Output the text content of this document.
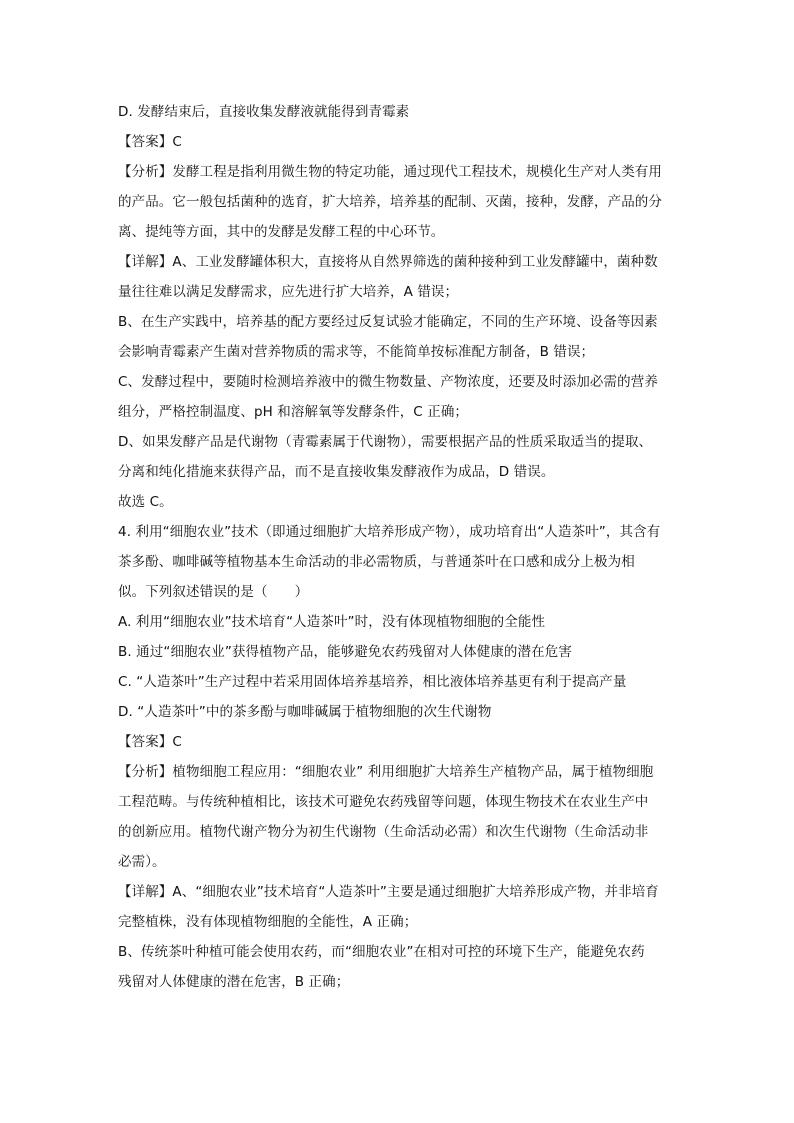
D. 发酵结束后，直接收集发酵液就能得到青霉素
【答案】C
【分析】发酵工程是指利用微生物的特定功能，通过现代工程技术，规模化生产对人类有用
的产品。它一般包括菌种的选育，扩大培养，培养基的配制、灭菌，接种，发酵，产品的分
离、提纯等方面，其中的发酵是发酵工程的中心环节。
【详解】A、工业发酵罐体积大，直接将从自然界筛选的菌种接种到工业发酵罐中，菌种数
量往往难以满足发酵需求，应先进行扩大培养，A 错误；
B、在生产实践中，培养基的配方要经过反复试验才能确定，不同的生产环境、设备等因素
会影响青霉素产生菌对营养物质的需求等，不能简单按标准配方制备，B 错误；
C、发酵过程中，要随时检测培养液中的微生物数量、产物浓度，还要及时添加必需的营养
组分，严格控制温度、pH 和溶解氧等发酵条件，C 正确；
D、如果发酵产品是代谢物（青霉素属于代谢物），需要根据产品的性质采取适当的提取、
分离和纯化措施来获得产品，而不是直接收集发酵液作为成品，D 错误。
故选 C。
4. 利用“细胞农业”技术（即通过细胞扩大培养形成产物），成功培育出“人造茶叶”，其含有
茶多酚、咖啡碱等植物基本生命活动的非必需物质，与普通茶叶在口感和成分上极为相
似。下列叙述错误的是（　　）
A. 利用“细胞农业”技术培育“人造茶叶”时，没有体现植物细胞的全能性
B. 通过“细胞农业”获得植物产品，能够避免农药残留对人体健康的潜在危害
C. “人造茶叶”生产过程中若采用固体培养基培养，相比液体培养基更有利于提高产量
D. “人造茶叶”中的茶多酚与咖啡碱属于植物细胞的次生代谢物
【答案】C
【分析】植物细胞工程应用：“细胞农业” 利用细胞扩大培养生产植物产品，属于植物细胞
工程范畴。与传统种植相比，该技术可避免农药残留等问题，体现生物技术在农业生产中
的创新应用。植物代谢产物分为初生代谢物（生命活动必需）和次生代谢物（生命活动非
必需）。
【详解】A、“细胞农业”技术培育“人造茶叶”主要是通过细胞扩大培养形成产物，并非培育
完整植株，没有体现植物细胞的全能性，A 正确；
B、传统茶叶种植可能会使用农药，而“细胞农业”在相对可控的环境下生产，能避免农药
残留对人体健康的潜在危害，B 正确；
